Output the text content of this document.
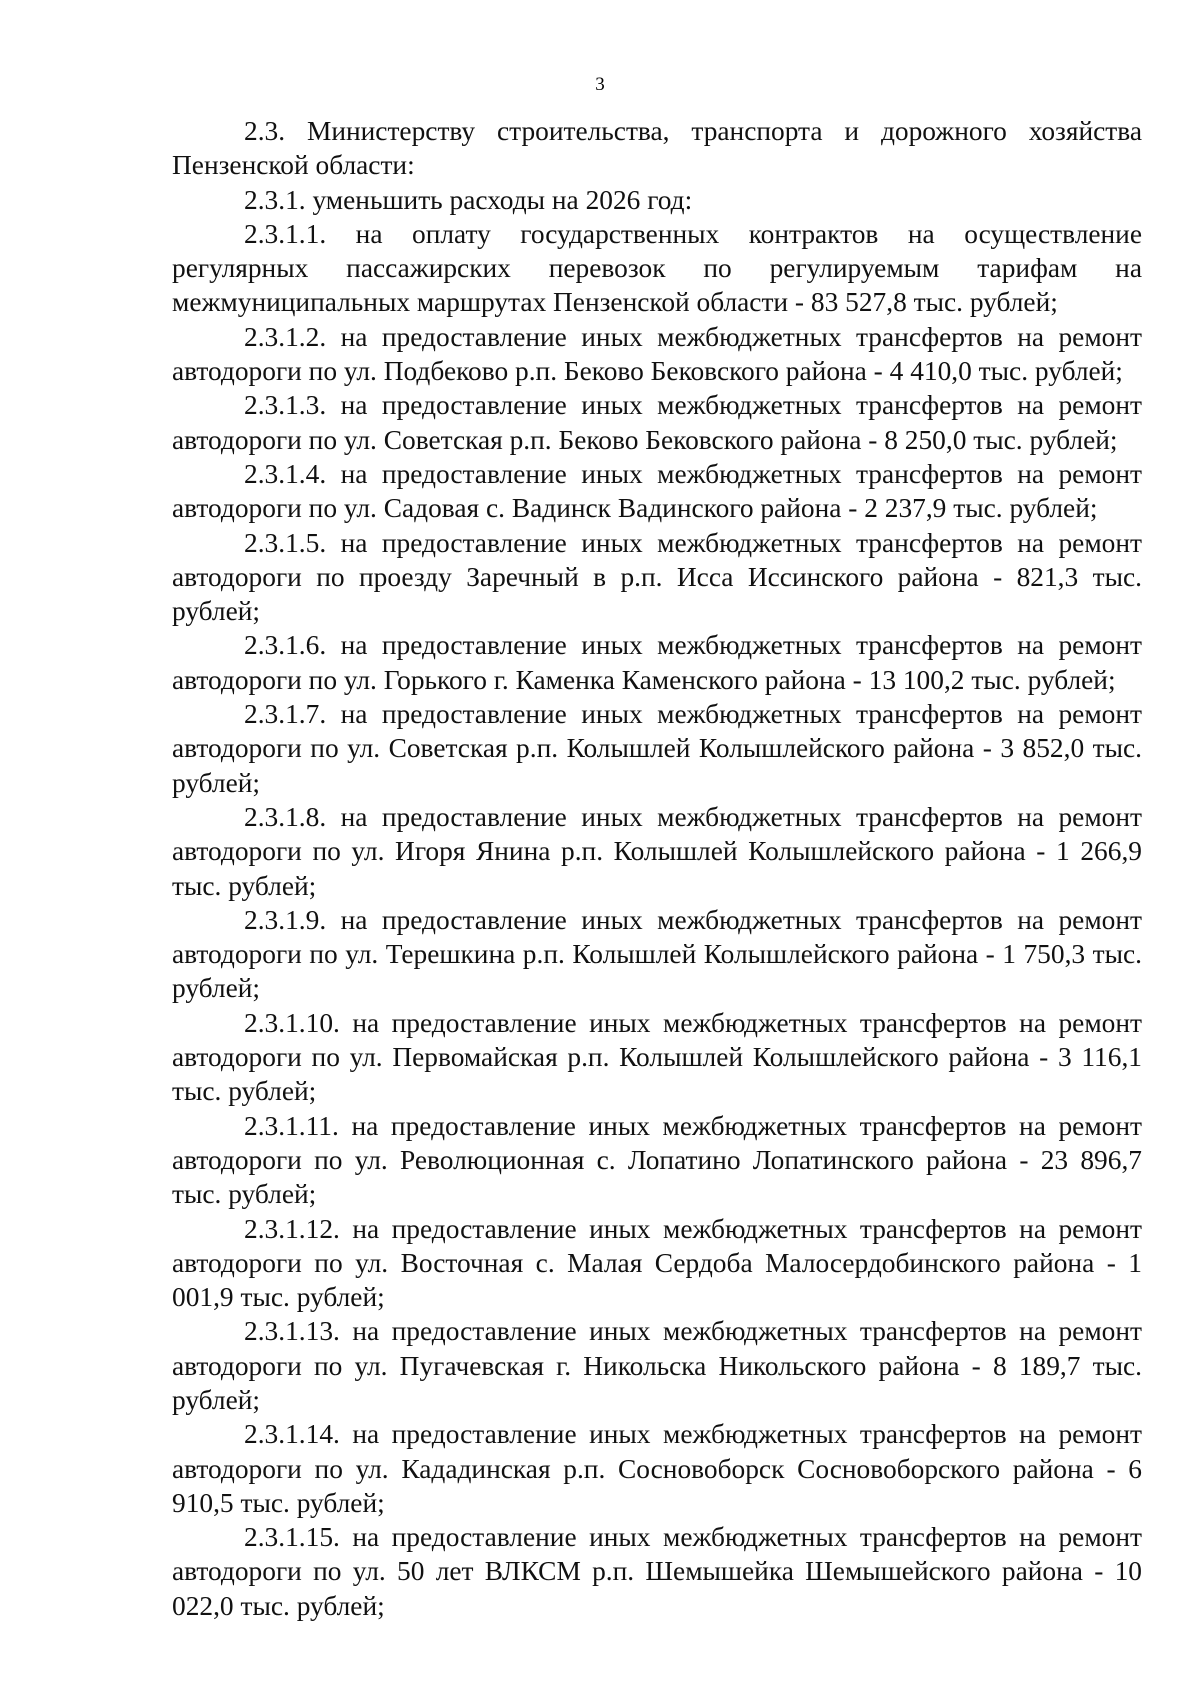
3

2.3. Министерству строительства, транспорта и дорожного хозяйства Пензенской области:

2.3.1. уменьшить расходы на 2026 год:

2.3.1.1. на оплату государственных контрактов на осуществление регулярных пассажирских перевозок по регулируемым тарифам на межмуниципальных маршрутах Пензенской области - 83 527,8 тыс. рублей;

2.3.1.2. на предоставление иных межбюджетных трансфертов на ремонт автодороги по ул. Подбеково р.п. Беково Бековского района - 4 410,0 тыс. рублей;

2.3.1.3. на предоставление иных межбюджетных трансфертов на ремонт автодороги по ул. Советская р.п. Беково Бековского района - 8 250,0 тыс. рублей;

2.3.1.4. на предоставление иных межбюджетных трансфертов на ремонт автодороги по ул. Садовая с. Вадинск Вадинского района - 2 237,9 тыс. рублей;

2.3.1.5. на предоставление иных межбюджетных трансфертов на ремонт автодороги по проезду Заречный в р.п. Исса Иссинского района - 821,3 тыс. рублей;

2.3.1.6. на предоставление иных межбюджетных трансфертов на ремонт автодороги по ул. Горького г. Каменка Каменского района - 13 100,2 тыс. рублей;

2.3.1.7. на предоставление иных межбюджетных трансфертов на ремонт автодороги по ул. Советская р.п. Колышлей Колышлейского района - 3 852,0 тыс. рублей;

2.3.1.8. на предоставление иных межбюджетных трансфертов на ремонт автодороги по ул. Игоря Янина р.п. Колышлей Колышлейского района - 1 266,9 тыс. рублей;

2.3.1.9. на предоставление иных межбюджетных трансфертов на ремонт автодороги по ул. Терешкина р.п. Колышлей Колышлейского района - 1 750,3 тыс. рублей;

2.3.1.10. на предоставление иных межбюджетных трансфертов на ремонт автодороги по ул. Первомайская р.п. Колышлей Колышлейского района - 3 116,1 тыс. рублей;

2.3.1.11. на предоставление иных межбюджетных трансфертов на ремонт автодороги по ул. Революционная с. Лопатино Лопатинского района - 23 896,7 тыс. рублей;

2.3.1.12. на предоставление иных межбюджетных трансфертов на ремонт автодороги по ул. Восточная с. Малая Сердоба Малосердобинского района - 1 001,9 тыс. рублей;

2.3.1.13. на предоставление иных межбюджетных трансфертов на ремонт автодороги по ул. Пугачевская г. Никольска Никольского района - 8 189,7 тыс. рублей;

2.3.1.14. на предоставление иных межбюджетных трансфертов на ремонт автодороги по ул. Кададинская р.п. Сосновоборск Сосновоборского района - 6 910,5 тыс. рублей;

2.3.1.15. на предоставление иных межбюджетных трансфертов на ремонт автодороги по ул. 50 лет ВЛКСМ р.п. Шемышейка Шемышейского района - 10 022,0 тыс. рублей;
